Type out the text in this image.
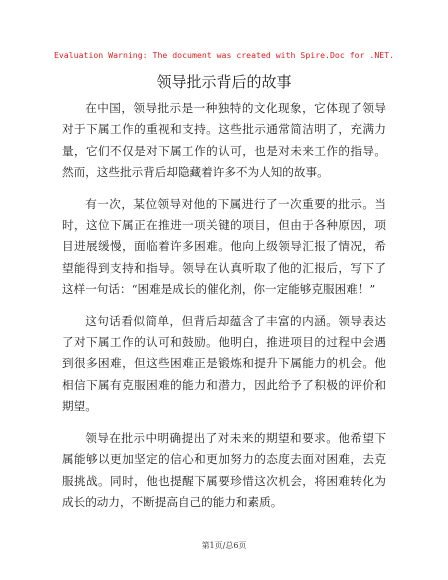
Evaluation Warning: The document was created with Spire.Doc for .NET.
领导批示背后的故事

在中国，领导批示是一种独特的文化现象，它体现了领导对于下属工作的重视和支持。这些批示通常简洁明了，充满力量，它们不仅是对下属工作的认可，也是对未来工作的指导。然而，这些批示背后却隐藏着许多不为人知的故事。

有一次，某位领导对他的下属进行了一次重要的批示。当时，这位下属正在推进一项关键的项目，但由于各种原因，项目进展缓慢，面临着许多困难。他向上级领导汇报了情况，希望能得到支持和指导。领导在认真听取了他的汇报后，写下了这样一句话：“困难是成长的催化剂，你一定能够克服困难！”

这句话看似简单，但背后却蕴含了丰富的内涵。领导表达了对下属工作的认可和鼓励。他明白，推进项目的过程中会遇到很多困难，但这些困难正是锻炼和提升下属能力的机会。他相信下属有克服困难的能力和潜力，因此给予了积极的评价和期望。

领导在批示中明确提出了对未来的期望和要求。他希望下属能够以更加坚定的信心和更加努力的态度去面对困难，去克服挑战。同时，他也提醒下属要珍惜这次机会，将困难转化为成长的动力，不断提高自己的能力和素质。

第1页/总6页
